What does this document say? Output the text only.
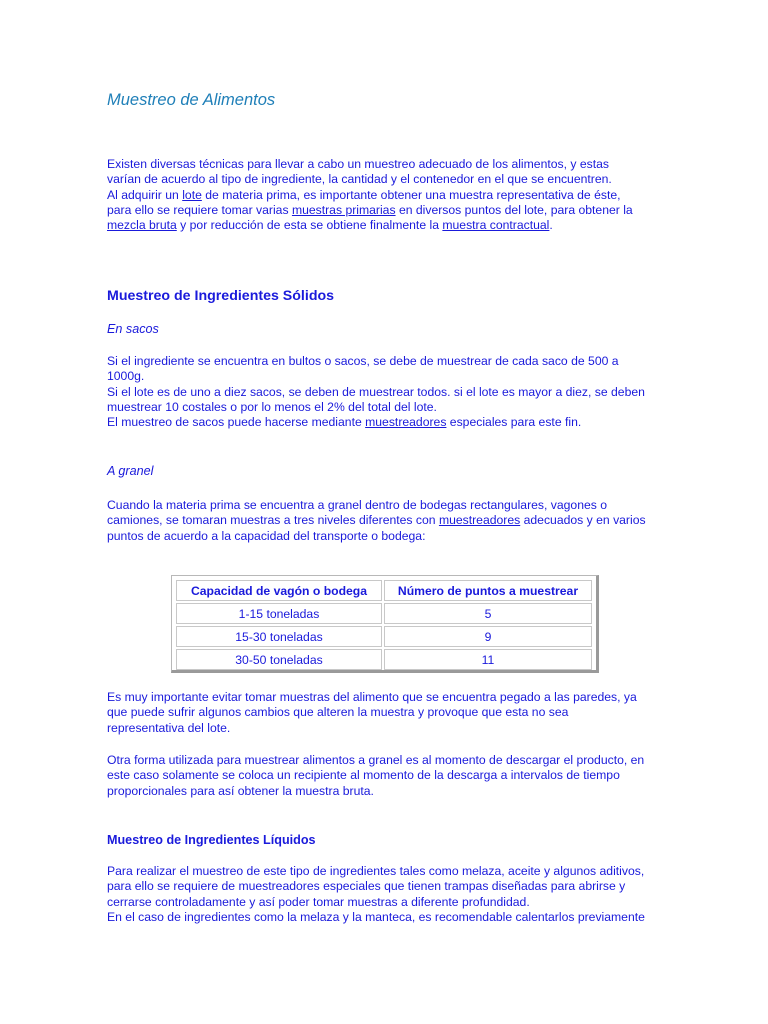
Muestreo de Alimentos
Existen diversas técnicas para llevar a cabo un muestreo adecuado de los alimentos, y estas
varían de acuerdo al tipo de ingrediente, la cantidad y el contenedor en el que se encuentren.
Al adquirir un lote de materia prima, es importante obtener una muestra representativa de éste,
para ello se requiere tomar varias muestras primarias en diversos puntos del lote, para obtener la
mezcla bruta y por reducción de esta se obtiene finalmente la muestra contractual.
Muestreo de Ingredientes Sólidos
En sacos
Si el ingrediente se encuentra en bultos o sacos, se debe de muestrear de cada saco de 500 a
1000g.
Si el lote es de uno a diez sacos, se deben de muestrear todos. si el lote es mayor a diez, se deben
muestrear 10 costales o por lo menos el 2% del total del lote.
El muestreo de sacos puede hacerse mediante muestreadores especiales para este fin.
A granel
Cuando la materia prima se encuentra a granel dentro de bodegas rectangulares, vagones o
camiones, se tomaran muestras a tres niveles diferentes con muestreadores adecuados y en varios
puntos de acuerdo a la capacidad del transporte o bodega:
Capacidad de vagón o bodega	Número de puntos a muestrear
1-15 toneladas	5
15-30 toneladas	9
30-50 toneladas	11
Es muy importante evitar tomar muestras del alimento que se encuentra pegado a las paredes, ya
que puede sufrir algunos cambios que alteren la muestra y provoque que esta no sea
representativa del lote.
Otra forma utilizada para muestrear alimentos a granel es al momento de descargar el producto, en
este caso solamente se coloca un recipiente al momento de la descarga a intervalos de tiempo
proporcionales para así obtener la muestra bruta.
Muestreo de Ingredientes Líquidos
Para realizar el muestreo de este tipo de ingredientes tales como melaza, aceite y algunos aditivos,
para ello se requiere de muestreadores especiales que tienen trampas diseñadas para abrirse y
cerrarse controladamente y así poder tomar muestras a diferente profundidad.
En el caso de ingredientes como la melaza y la manteca, es recomendable calentarlos previamente
